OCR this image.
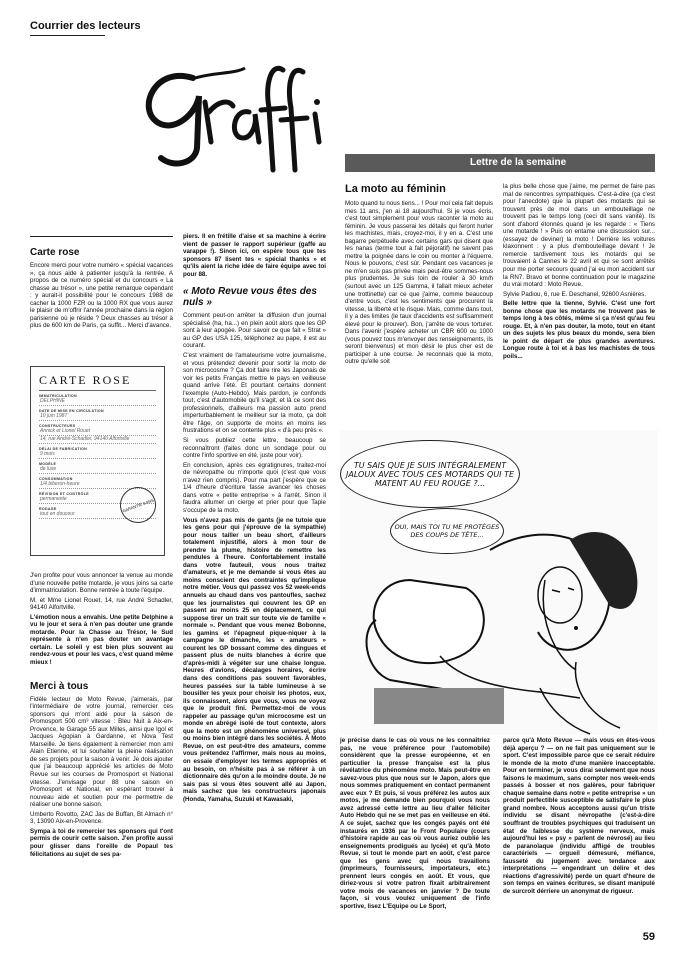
Courrier des lecteurs
Lettre de la semaine
Carte rose

Encore merci pour votre numéro « spécial vacances », ça nous aide à patienter jusqu'à la rentrée. A propos de ce numéro spécial et du concours « La chasse au trésor », une petite remarque cependant : y aurait-il possibilité pour le concours 1988 de cacher la 1000 FZR ou la 1000 RX que vous aurez le plaisir de m'offrir l'année prochaine dans la région parisienne où je réside ? Deux chasses au trésor à plus de 600 km de Paris, ça suffit... Merci d'avance.

CARTE ROSE
IMMATRICULATION
DELPHINE
DATE DE MISE EN CIRCULATION
10 juin 1987
CONSTRUCTEURS
Annick et Lionel Rouet
14, rue André-Schadler, 94140 Alfortville
DÉLAI DE FABRICATION
9 mois
MODÈLE
de luxe
CONSOMMATION
1/4 biberon-heure
RÉVISION ET CONTRÔLE
permanente
RODAGE
tout en douceur
GARANTIE 3 ANS

J'en profite pour vous annoncer la venue au monde d'une nouvelle petite motarde, je vous joins sa carte d'immatriculation. Bonne rentrée à toute l'équipe.

M. et Mme Lionel Rouet, 14, rue André Schadler, 94140 Alfortville.

L'émotion nous a envahis. Une petite Delphine a vu le jour et sera à n'en pas douter une grande motarde. Pour la Chasse au Trésor, le Sud représente à n'en pas douter un avantage certain. Le soleil y est bien plus souvent au rendez-vous et pour les vacs, c'est quand même mieux !

Merci à tous

Fidèle lecteur de Moto Revue, j'aimerais, par l'intermédiaire de votre journal, remercier ces sponsors qui m'ont aidé pour la saison de Promosport 500 cm³ vitesse : Bleu Nuit à Aix-en-Provence, le Garage 55 aux Milles, ainsi que Igol et Jacques Agopian à Gardanne, et Nova Test Marseille. Je tiens également à remercier mon ami Alain Etienne, et lui souhaiter la pleine réalisation de ses projets pour la saison à venir. Je dois ajouter que j'ai beaucoup apprécié les articles de Moto Revue sur les courses de Promosport et National vitesse. J'envisage pour 88 une saison en Promosport et National, en espérant trouver à nouveau aide et soutien pour me permettre de réaliser une bonne saison.

Umberto Rovotto, ZAC Jas de Buffan, Bt Almach n° 3, 13090 Aix-en-Provence.

Sympa à toi de remercier tes sponsors qui t'ont permis de courir cette saison. J'en profite aussi pour glisser dans l'oreille de Popaul tes félicitations au sujet de ses pa-

piers. Il en frétille d'aise et sa machine à écrire vient de passer le rapport supérieur (gaffe au varappe !). Sinon ici, on espère tous que tes sponsors 87 lisent tes « spécial thanks » et qu'ils aient la riche idée de faire équipe avec toi pour 88.

« Moto Revue vous êtes des nuls »

Comment peut-on arrêter la diffusion d'un journal spécialisé (ha, ha...) en plein août alors que les GP sont à leur apogée. Pour savoir ce que fait « Strat » au GP des USA 125, téléphonez au pape, il est au courant.

C'est vraiment de l'amateurisme votre journalisme, et vous prétendez devenir pour sortir la moto de son microcosme ? Ça doit faire rire les Japonais de voir les petits Français mettre le pays en veilleuse quand arrive l'été. Et pourtant certains donnent l'exemple (Auto-Hebdo). Mais pardon, je confonds tout, c'est d'automobile qu'il s'agit, et là ce sont des professionnels, d'ailleurs ma passion auto prend imperturbablement le meilleur sur la moto, ça doit être l'âge, on supporte de moins en moins les frustrations et on se contente plus « d'à peu près ».

Si vous publiez cette lettre, beaucoup se reconnaîtront (faites donc un sondage pour ou contre l'info sportive en été, juste pour voir).

En conclusion, après ces égratignures, traitez-moi de névropathe ou n'importe quoi (c'est que vous n'avez rien compris). Pour ma part j'espère que ce 1/4 d'heure d'écriture fasse avancer les choses dans votre « petite entreprise » à l'arrêt. Sinon il faudra allumer un cierge et prier pour que Tapie s'occupe de la moto.

Vous n'avez pas mis de gants (je ne tutoie que les gens pour qui j'éprouve de la sympathie) pour nous tailler un beau short, d'ailleurs totalement injustifié, alors à mon tour de prendre la plume, histoire de remettre les pendules à l'heure. Confortablement installé dans votre fauteuil, vous nous traitez d'amateurs, et je me demande si vous êtes au moins conscient des contraintes qu'implique notre métier. Vous qui passez vos 52 week-ends annuels au chaud dans vos pantoufles, sachez que les journalistes qui couvrent les GP en passent au moins 25 en déplacement, ce qui suppose tirer un trait sur toute vie de famille « normale ». Pendant que vous menez Bobonne, les gamins et l'épagneul pique-niquer à la campagne le dimanche, les « amateurs » courent les GP bossant comme des dingues et passent plus de nuits blanches à écrire que d'après-midi à végéter sur une chaise longue. Heures d'avions, décalages horaires, écrire dans des conditions pas souvent favorables, heures passées sur la table lumineuse à se bousiller les yeux pour choisir les photos, eux, ils connaissent, alors que vous, vous ne voyez que le produit fini. Permettez-moi de vous rappeler au passage qu'un microcosme est un monde en abrégé isolé de tout contexte, alors que la moto est un phénomène universel, plus ou moins bien intégré dans les sociétés. À Moto Revue, on est peut-être des amateurs, comme vous prétendez l'affirmer, mais nous au moins, on essaie d'employer les termes appropriés et au besoin, on n'hésite pas à se référer à un dictionnaire dès qu'on a le moindre doute. Je ne sais pas si vous êtes souvent allé au Japon, mais sachez que les constructeurs japonais (Honda, Yamaha, Suzuki et Kawasaki,

La moto au féminin

Moto quand tu nous tiens... ! Pour moi cela fait depuis mes 11 ans, j'en ai 18 aujourd'hui. Si je vous écris, c'est tout simplement pour vous raconter la moto au féminin. Je vous passerai les détails qui feront hurler les machistes, mais, croyez-moi, il y en a. C'est une bagarre perpétuelle avec certains gars qui disent que les nanas (terme tout à fait péjoratif) ne savent pas mettre la poignée dans le coin ou monter à l'équerre. Nous le pouvons, c'est sûr. Pendant ces vacances je ne m'en suis pas privée mais peut-être sommes-nous plus prudentes. Je suis loin de rouler à 30 km/h (surtout avec un 125 Gamma, il fallait mieux acheter une trottinette) car ce que j'aime, comme beaucoup d'entre vous, c'est les sentiments que procurent la vitesse, la liberté et le risque. Mais, comme dans tout, il y a des limites (le taux d'accidents est suffisamment élevé pour le prouver). Bon, j'arrête de vous torturer. Dans l'avenir j'espère acheter un CBR 600 ou 1000 (vous pouvez tous m'envoyer des renseignements, ils seront bienvenus) et mon désir le plus cher est de participer à une course. Je reconnais que la moto, outre qu'elle soit

la plus belle chose que j'aime, me permet de faire pas mal de rencontres sympathiques. C'est-à-dire (ça c'est pour l'anecdote) que la plupart des motards qui se trouvent près de moi dans un embouteillage ne trouvent pas le temps long (ceci dit sans vanité). Ils sont d'abord étonnés quand je les regarde : « Tiens une motarde ! » Puis on entame une discussion sur... (essayez de deviner) la moto ! Derrière les voitures klaxonnent : y a plus d'embouteillage devant ! Je remercie tardivement tous les motards qui se trouvaient à Cannes le 22 avril et qui se sont arrêtés pour me porter secours quand j'ai eu mon accident sur la RN7. Bravo et bonne continuation pour le magazine du vrai motard : Moto Revue.

Sylvie Padiou, 6, rue E. Deschanel, 92600 Asnières.

Belle lettre que la tienne, Sylvie. C'est une fort bonne chose que les motards ne trouvent pas le temps long à tes côtés, même si ça n'est qu'au feu rouge. Et, à n'en pas douter, la moto, tout en étant un des sujets les plus beaux du monde, sera bien le point de départ de plus grandes aventures. Longue route à toi et à bas les machistes de tous poils...

TU SAIS QUE JE SUIS INTÉGRALEMENT JALOUX AVEC TOUS CES MOTARDS QUI TE MATENT AU FEU ROUGE ?...
OUI, MAIS TOI TU ME PROTÈGES DES COUPS DE TÊTE...

je précise dans le cas où vous ne les connaîtriez pas, ne voue préférence pour l'automobile) considèrent que la presse européenne, et en particulier la presse française est la plus révélatrice du phénomène moto. Mais peut-être en savez-vous plus que nous sur le Japon, alors que nous sommes pratiquement en contact permanent avec eux ? Et puis, si vous préférez les autos aux motos, je me demande bien pourquoi vous nous avez adressé cette lettre au lieu d'aller féliciter Auto Hebdo qui ne se met pas en veilleuse en été. A ce sujet, sachez que les congés payés ont été instaurés en 1936 par le Front Populaire (cours d'histoire rapide au cas où vous auriez oublié les enseignements prodigués au lycée) et qu'à Moto Revue, si tout le monde part en août, c'est parce que les gens avec qui nous travaillons (imprimeurs, fournisseurs, importateurs, etc.) prennent leurs congés en août. Et vous, que diriez-vous si votre patron fixait arbitrairement votre mois de vacances en janvier ? De toute façon, si vous voulez uniquement de l'info sportive, lisez L'Equipe ou Le Sport,

parce qu'à Moto Revue — mais vous en êtes-vous déjà aperçu ? — on ne fait pas uniquement sur le sport. C'est impossible parce que ce serait réduire le monde de la moto d'une manière inacceptable. Pour en terminer, je vous dirai seulement que nous faisons le maximum, sans compter nos week-ends passés à bosser et nos galères, pour fabriquer chaque semaine dans notre « petite entreprise » un produit perfectible susceptible de satisfaire le plus grand nombre. Nous acceptons aussi qu'un triste individu se disant névropathe (c'est-à-dire souffrant de troubles psychiques qui traduisent un état de faiblesse du système nerveux, mais aujourd'hui les « psy » parlent de névrosé) au lieu de paranoïaque (individu affligé de troubles caractériels — orgueil démesuré, méfiance, fausseté du jugement avec tendance aux interprétations — engendrant un délire et des réactions d'agressivité) perde un quart d'heure de son temps en vaines écritures, se disant manipulé de surcroît dérriere un anonymat de rigueur.

59
